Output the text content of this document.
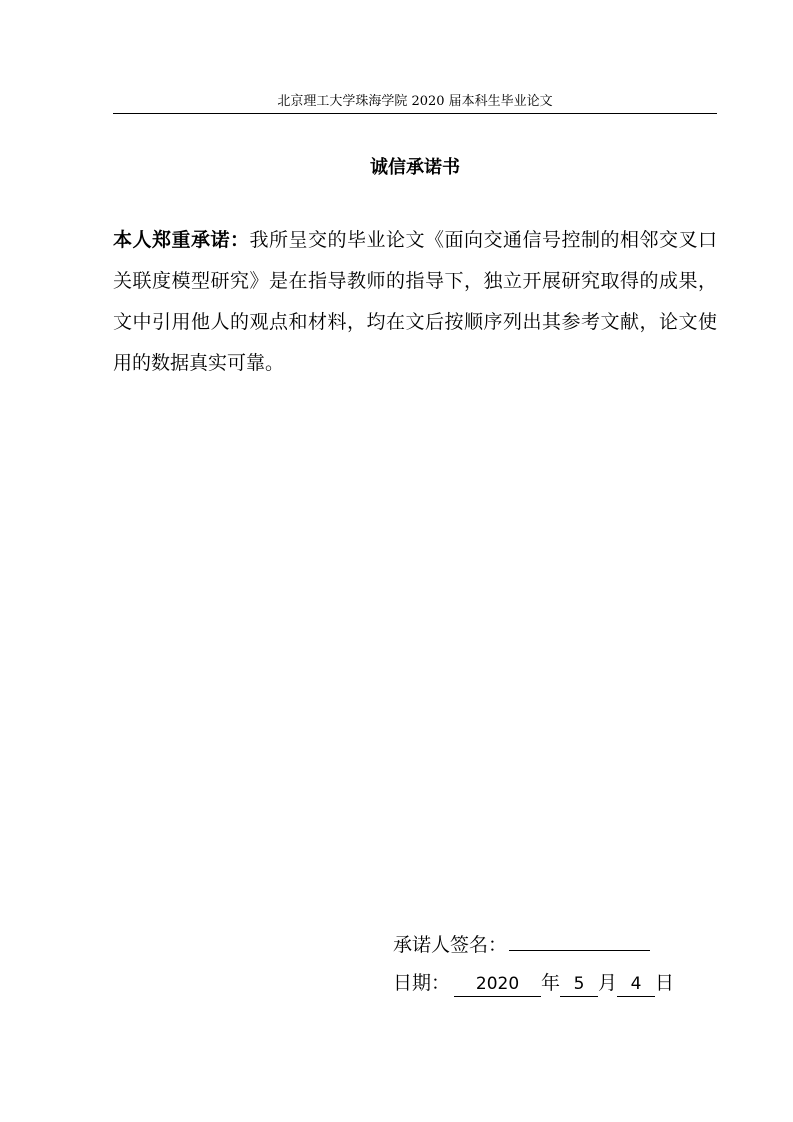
北京理工大学珠海学院 2020 届本科生毕业论文
诚信承诺书

本人郑重承诺：我所呈交的毕业论文《面向交通信号控制的相邻交叉口关联度模型研究》是在指导教师的指导下，独立开展研究取得的成果，文中引用他人的观点和材料，均在文后按顺序列出其参考文献，论文使用的数据真实可靠。

承诺人签名：
日期： 2020 年 5 月 4 日
